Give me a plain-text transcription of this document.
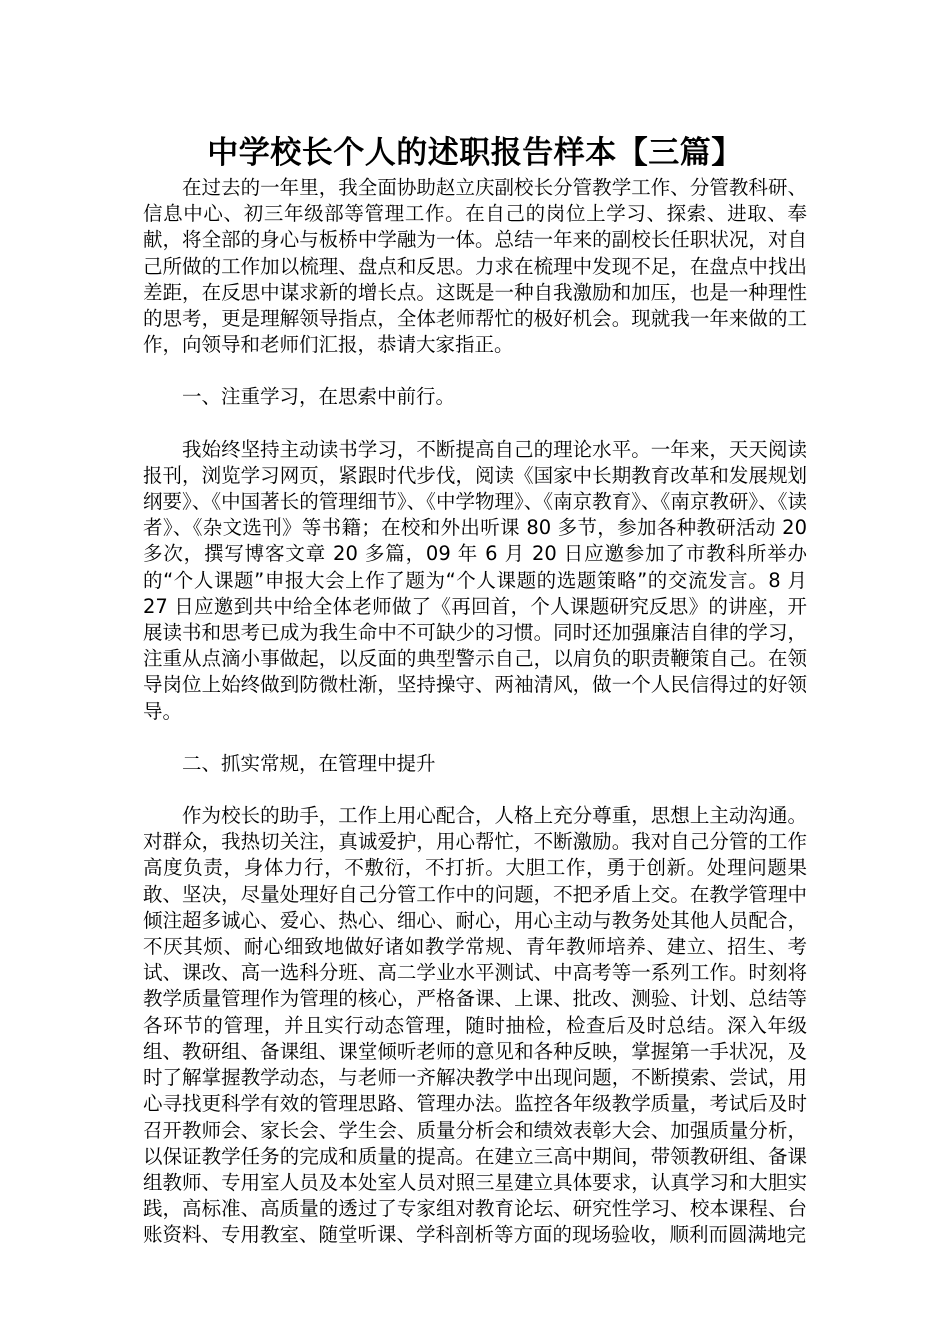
中学校长个人的述职报告样本【三篇】

在过去的一年里，我全面协助赵立庆副校长分管教学工作、分管教科研、信息中心、初三年级部等管理工作。在自己的岗位上学习、探索、进取、奉献，将全部的身心与板桥中学融为一体。总结一年来的副校长任职状况，对自己所做的工作加以梳理、盘点和反思。力求在梳理中发现不足，在盘点中找出差距，在反思中谋求新的增长点。这既是一种自我激励和加压，也是一种理性的思考，更是理解领导指点，全体老师帮忙的极好机会。现就我一年来做的工作，向领导和老师们汇报，恭请大家指正。

一、注重学习，在思索中前行。

我始终坚持主动读书学习，不断提高自己的理论水平。一年来，天天阅读报刊，浏览学习网页，紧跟时代步伐，阅读《国家中长期教育改革和发展规划纲要》、《中国著长的管理细节》、《中学物理》、《南京教育》、《南京教研》、《读者》、《杂文选刊》等书籍；在校和外出听课 80 多节，参加各种教研活动 20 多次，撰写博客文章 20 多篇，09 年 6 月 20 日应邀参加了市教科所举办的“个人课题”申报大会上作了题为“个人课题的选题策略”的交流发言。8 月 27 日应邀到共中给全体老师做了《再回首，个人课题研究反思》的讲座，开展读书和思考已成为我生命中不可缺少的习惯。同时还加强廉洁自律的学习，注重从点滴小事做起，以反面的典型警示自己，以肩负的职责鞭策自己。在领导岗位上始终做到防微杜渐，坚持操守、两袖清风，做一个人民信得过的好领导。

二、抓实常规，在管理中提升

作为校长的助手，工作上用心配合，人格上充分尊重，思想上主动沟通。对群众，我热切关注，真诚爱护，用心帮忙，不断激励。我对自己分管的工作高度负责，身体力行，不敷衍，不打折。大胆工作，勇于创新。处理问题果敢、坚决，尽量处理好自己分管工作中的问题，不把矛盾上交。在教学管理中倾注超多诚心、爱心、热心、细心、耐心，用心主动与教务处其他人员配合，不厌其烦、耐心细致地做好诸如教学常规、青年教师培养、建立、招生、考试、课改、高一选科分班、高二学业水平测试、中高考等一系列工作。时刻将教学质量管理作为管理的核心，严格备课、上课、批改、测验、计划、总结等各环节的管理，并且实行动态管理，随时抽检，检查后及时总结。深入年级组、教研组、备课组、课堂倾听老师的意见和各种反映，掌握第一手状况，及时了解掌握教学动态，与老师一齐解决教学中出现问题，不断摸索、尝试，用心寻找更科学有效的管理思路、管理办法。监控各年级教学质量，考试后及时召开教师会、家长会、学生会、质量分析会和绩效表彰大会、加强质量分析，以保证教学任务的完成和质量的提高。在建立三高中期间，带领教研组、备课组教师、专用室人员及本处室人员对照三星建立具体要求，认真学习和大胆实践，高标准、高质量的透过了专家组对教育论坛、研究性学习、校本课程、台账资料、专用教室、随堂听课、学科剖析等方面的现场验收，顺利而圆满地完
